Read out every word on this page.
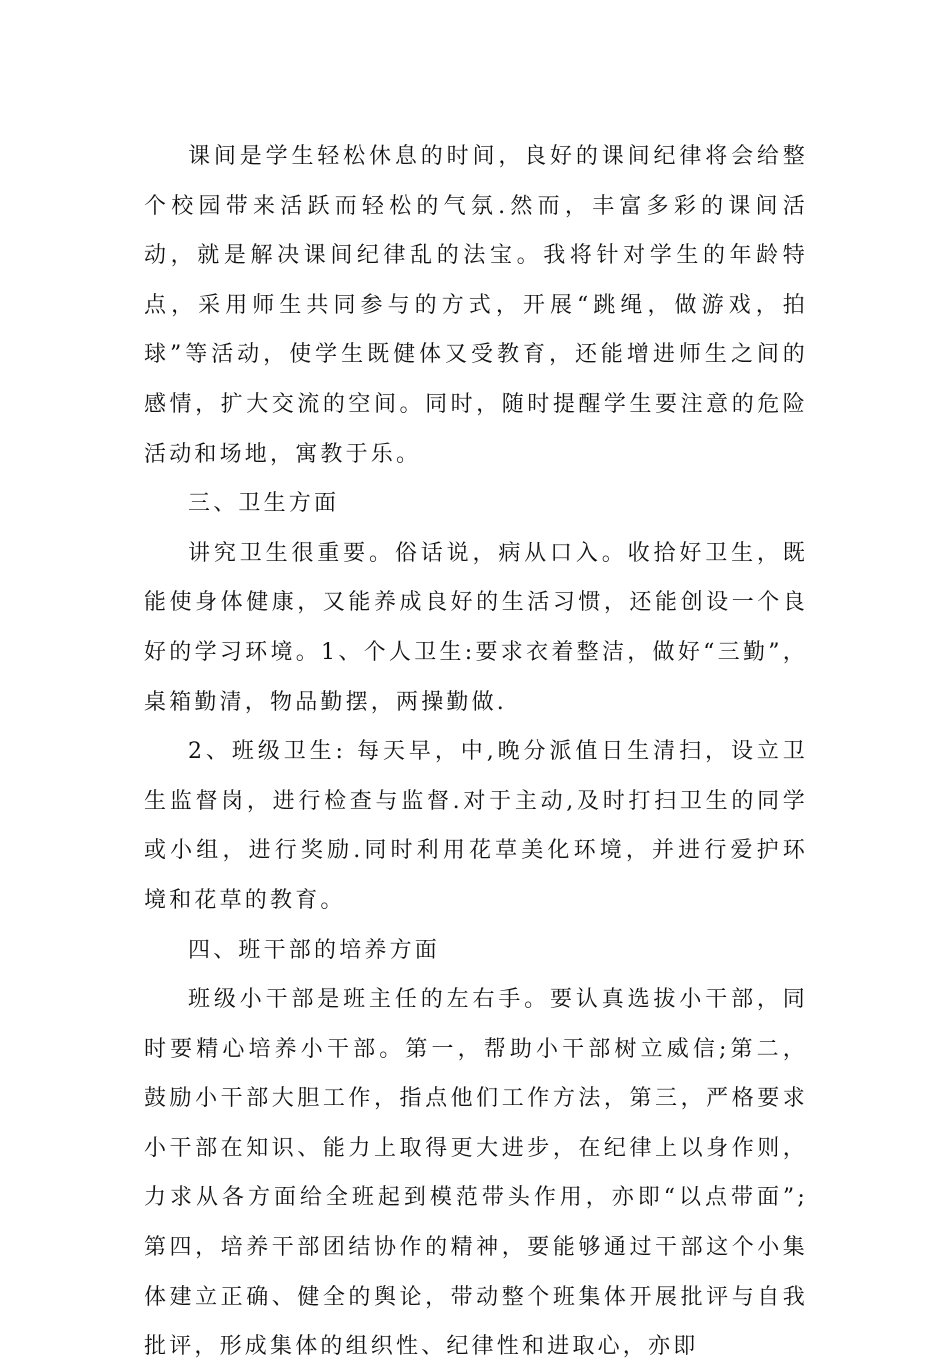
课间是学生轻松休息的时间，良好的课间纪律将会给整个校园带来活跃而轻松的气氛.然而，丰富多彩的课间活动，就是解决课间纪律乱的法宝。我将针对学生的年龄特点，采用师生共同参与的方式，开展“跳绳，做游戏，拍球”等活动，使学生既健体又受教育，还能增进师生之间的感情，扩大交流的空间。同时，随时提醒学生要注意的危险活动和场地，寓教于乐。

三、卫生方面

讲究卫生很重要。俗话说，病从口入。收拾好卫生，既能使身体健康，又能养成良好的生活习惯，还能创设一个良好的学习环境。1、个人卫生:要求衣着整洁，做好“三勤”，桌箱勤清，物品勤摆，两操勤做.

2、班级卫生: 每天早，中,晚分派值日生清扫，设立卫生监督岗，进行检查与监督.对于主动,及时打扫卫生的同学或小组，进行奖励.同时利用花草美化环境，并进行爱护环境和花草的教育。

四、班干部的培养方面

班级小干部是班主任的左右手。要认真选拔小干部，同时要精心培养小干部。第一，帮助小干部树立威信;第二，鼓励小干部大胆工作，指点他们工作方法，第三，严格要求小干部在知识、能力上取得更大进步，在纪律上以身作则，力求从各方面给全班起到模范带头作用，亦即“以点带面”;第四，培养干部团结协作的精神，要能够通过干部这个小集体建立正确、健全的舆论，带动整个班集体开展批评与自我批评，形成集体的组织性、纪律性和进取心，亦即
